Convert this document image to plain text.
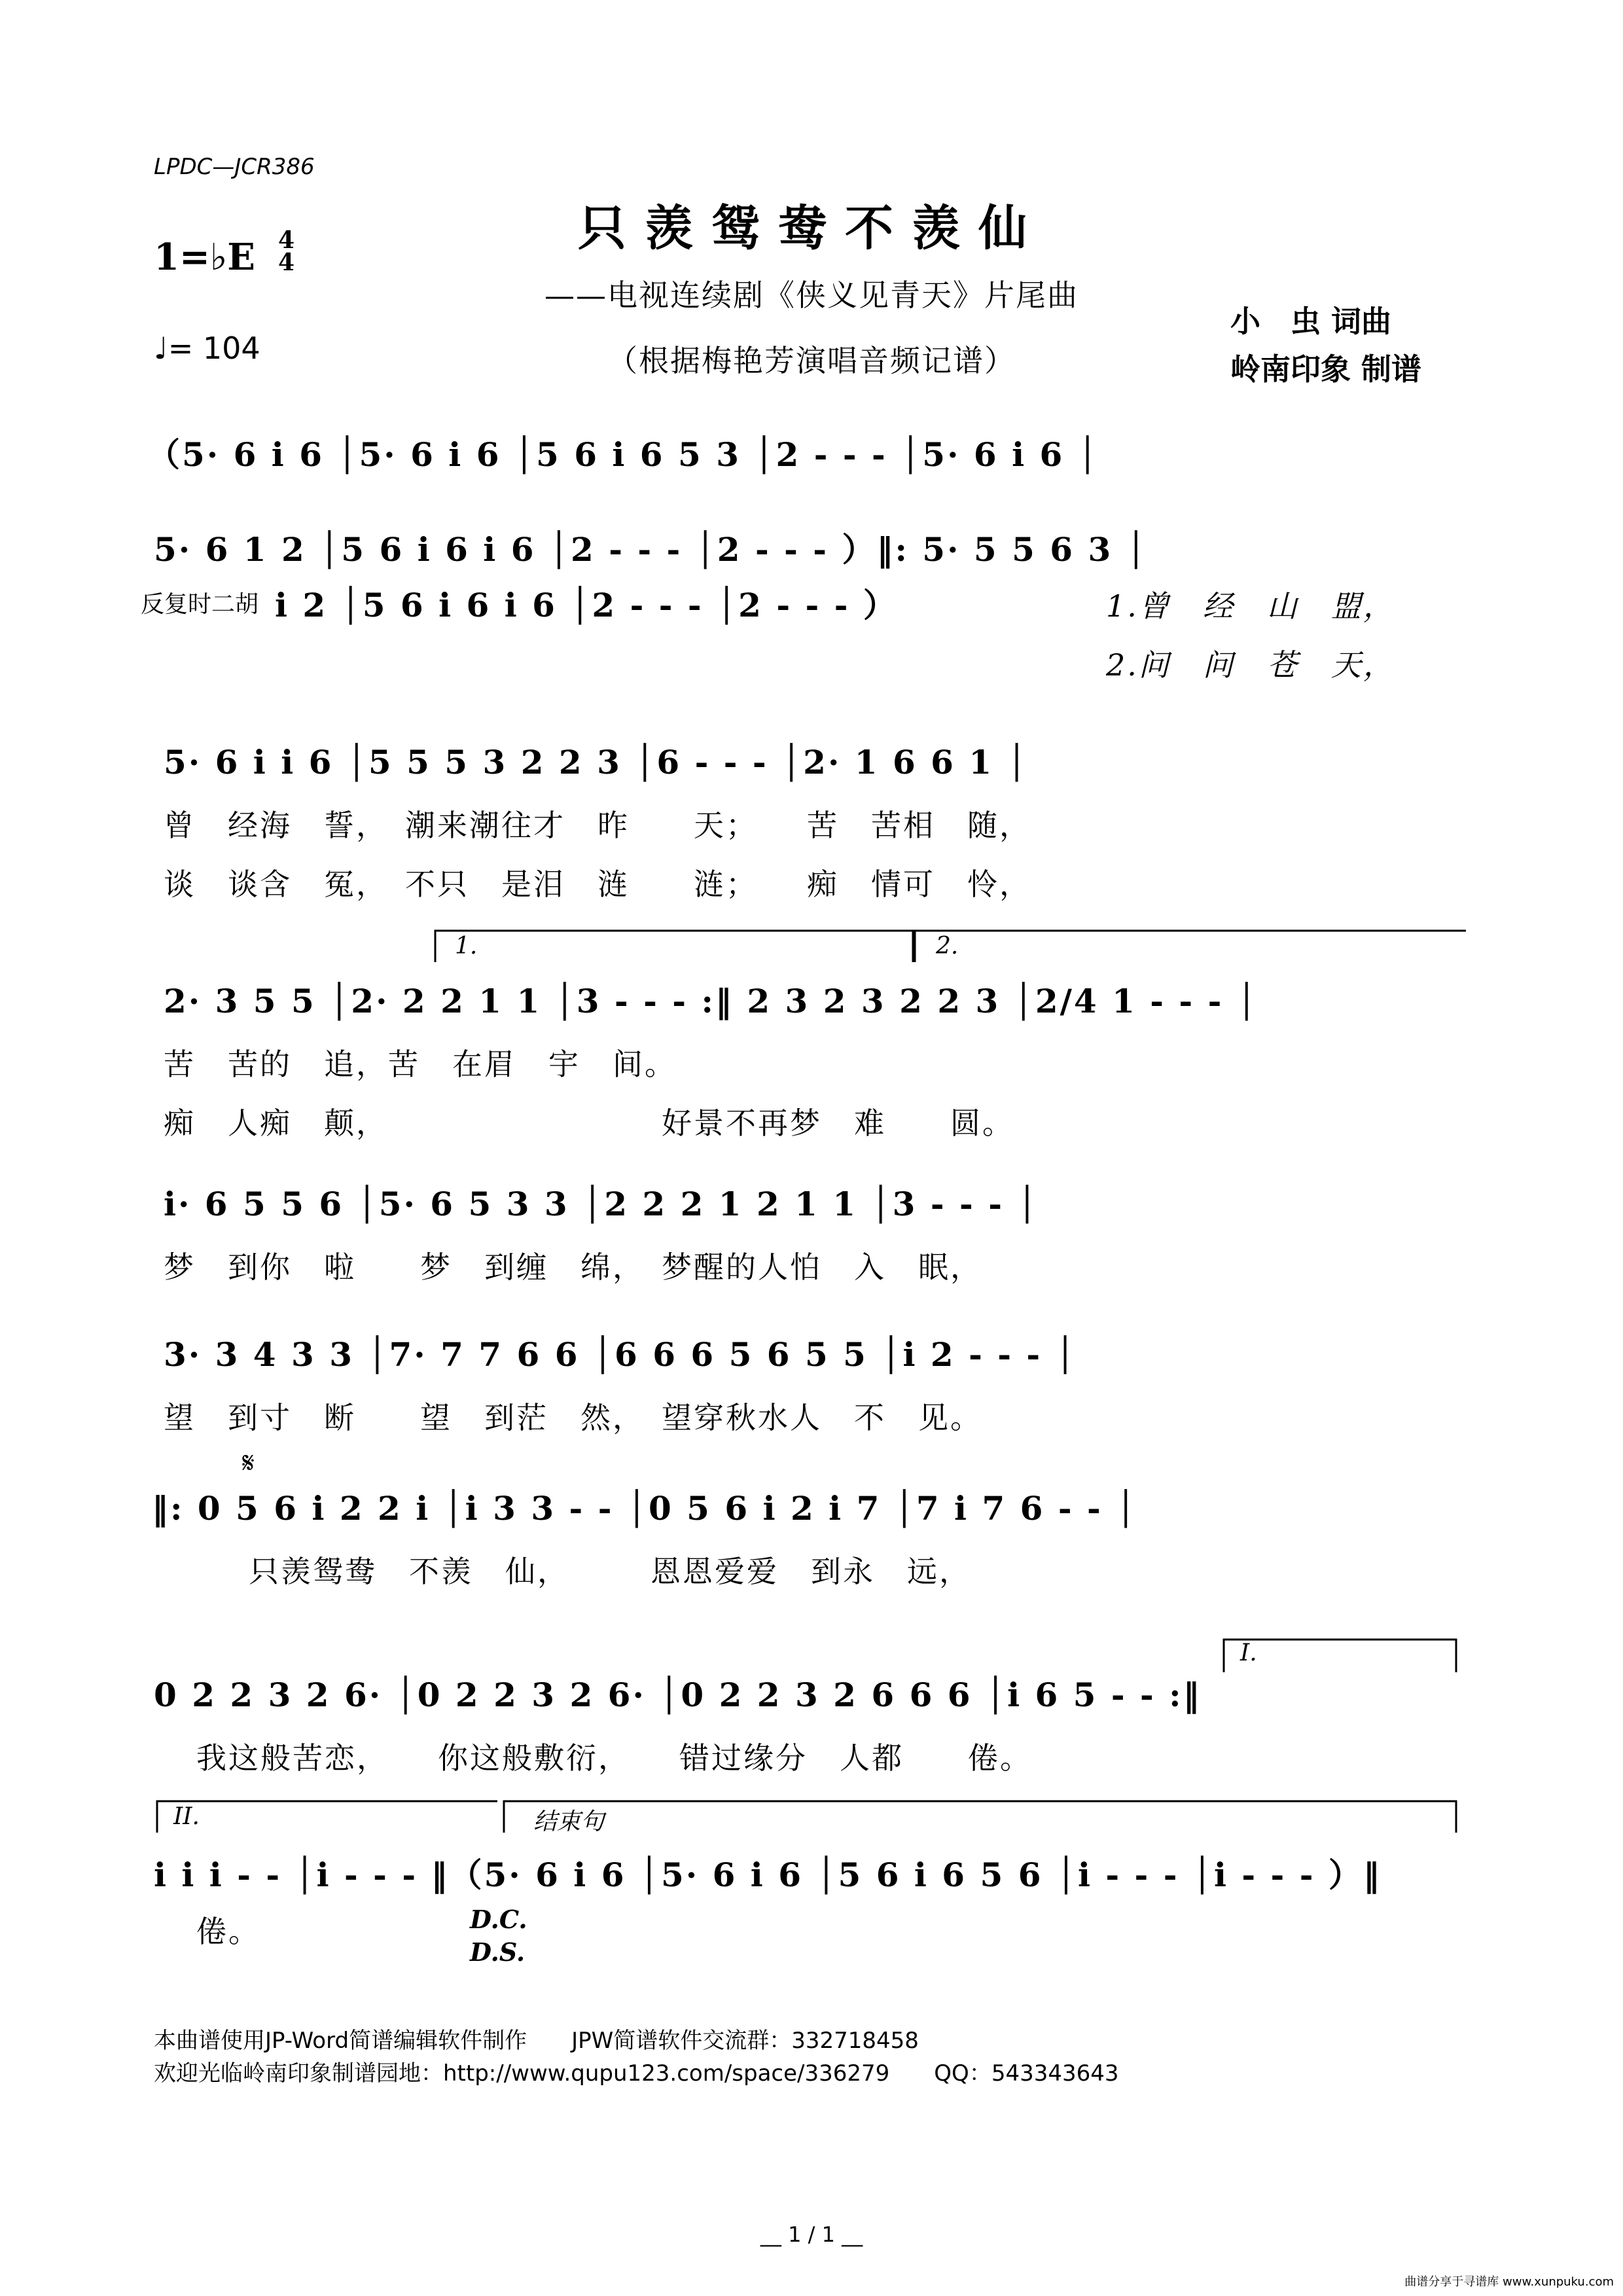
LPDC—JCR386
只羡鸳鸯不羡仙
——电视连续剧《侠义见青天》片尾曲
（根据梅艳芳演唱音频记谱）
1=♭E 4
4
♩= 104
小　虫 词曲
岭南印象 制谱
（5· 6 i 6 │5· 6 i 6 │5 6 i 6 5 3 │2 - - - │5· 6 i 6 │
5· 6 1 2 │5 6 i 6 i 6 │2 - - - │2 - - - ）‖: 5· 5 5 6 3 │
反复时二胡 i 2 │5 6 i 6 i 6 │2 - - - │2 - - - ）	1.曾　经　山　盟，
2.问　问　苍　天，
5· 6 i i 6 │5 5 5 3 2 2 3 │6 - - - │2· 1 6 6 1 │
曾　经海　誓，　潮来潮往才　昨　　天；　　苦　苦相　随，
谈　谈含　冤，　不只　是泪　涟　　涟；　　痴　情可　怜，
1.	2.
2· 3 5 5 │2· 2 2 1 1 │3 - - - :‖ 2 3 2 3 2 2 3 │2/4 1 - - - │
苦　苦的　追，苦　在眉　宇　间。
痴　人痴　颠，　　　　　　　　　好景不再梦　难　　圆。
i· 6 5 5 6 │5· 6 5 3 3 │2 2 2 1 2 1 1 │3 - - - │
梦　到你　啦　　梦　到缠　绵，　梦醒的人怕　入　眠，
3· 3 4 3 3 │7· 7 7 6 6 │6 6 6 5 6 5 5 │i 2 - - - │
望　到寸　断　　望　到茫　然，　望穿秋水人　不　见。
𝄋
‖: 0 5 6 i 2 2 i │i 3 3 - - │0 5 6 i 2 i 7 │7 i 7 6 - - │
只羡鸳鸯　不羡　仙，　　　恩恩爱爱　到永　远，
I.
0 2 2 3 2 6· │0 2 2 3 2 6· │0 2 2 3 2 6 6 6 │i 6 5 - - :‖
我这般苦恋，　　你这般敷衍，　　错过缘分　人都　　倦。
II.	结束句
i i i - - │i - - - ‖（5· 6 i 6 │5· 6 i 6 │5 6 i 6 5 6 │i - - - │i - - - ）‖
倦。	D.C.
D.S.
本曲谱使用JP-Word简谱编辑软件制作　　JPW简谱软件交流群：332718458
欢迎光临岭南印象制谱园地：http://www.qupu123.com/space/336279　　QQ：543343643
__ 1 / 1 __
曲谱分享于寻谱库 www.xunpuku.com
